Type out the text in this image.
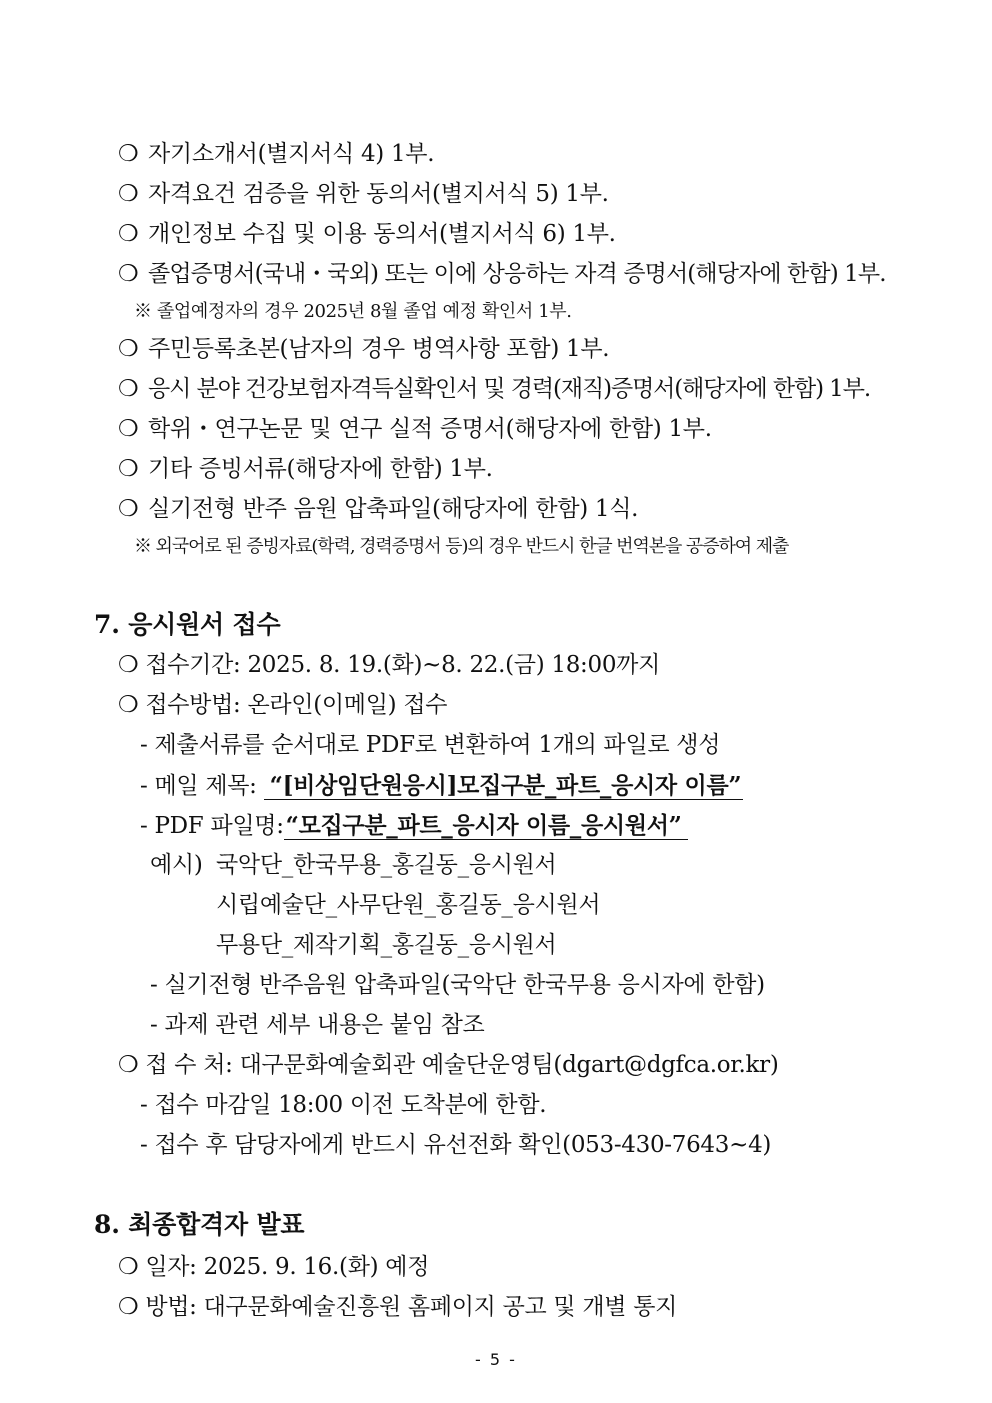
❍ 자기소개서(별지서식 4) 1부.
❍ 자격요건 검증을 위한 동의서(별지서식 5) 1부.
❍ 개인정보 수집 및 이용 동의서(별지서식 6) 1부.
❍ 졸업증명서(국내・국외) 또는 이에 상응하는 자격 증명서(해당자에 한함) 1부.
※ 졸업예정자의 경우 2025년 8월 졸업 예정 확인서 1부.
❍ 주민등록초본(남자의 경우 병역사항 포함) 1부.
❍ 응시 분야 건강보험자격득실확인서 및 경력(재직)증명서(해당자에 한함) 1부.
❍ 학위・연구논문 및 연구 실적 증명서(해당자에 한함) 1부.
❍ 기타 증빙서류(해당자에 한함) 1부.
❍ 실기전형 반주 음원 압축파일(해당자에 한함) 1식.
※ 외국어로 된 증빙자료(학력, 경력증명서 등)의 경우 반드시 한글 번역본을 공증하여 제출
7. 응시원서 접수
❍ 접수기간: 2025. 8. 19.(화)~8. 22.(금) 18:00까지
❍ 접수방법: 온라인(이메일) 접수
- 제출서류를 순서대로 PDF로 변환하여 1개의 파일로 생성
- 메일 제목: “[비상임단원응시]모집구분_파트_응시자 이름”
- PDF 파일명:“모집구분_파트_응시자 이름_응시원서”
예시) 국악단_한국무용_홍길동_응시원서
시립예술단_사무단원_홍길동_응시원서
무용단_제작기획_홍길동_응시원서
- 실기전형 반주음원 압축파일(국악단 한국무용 응시자에 한함)
- 과제 관련 세부 내용은 붙임 참조
❍ 접 수 처: 대구문화예술회관 예술단운영팀(dgart@dgfca.or.kr)
- 접수 마감일 18:00 이전 도착분에 한함.
- 접수 후 담당자에게 반드시 유선전화 확인(053-430-7643~4)
8. 최종합격자 발표
❍ 일자: 2025. 9. 16.(화) 예정
❍ 방법: 대구문화예술진흥원 홈페이지 공고 및 개별 통지
- 5 -
